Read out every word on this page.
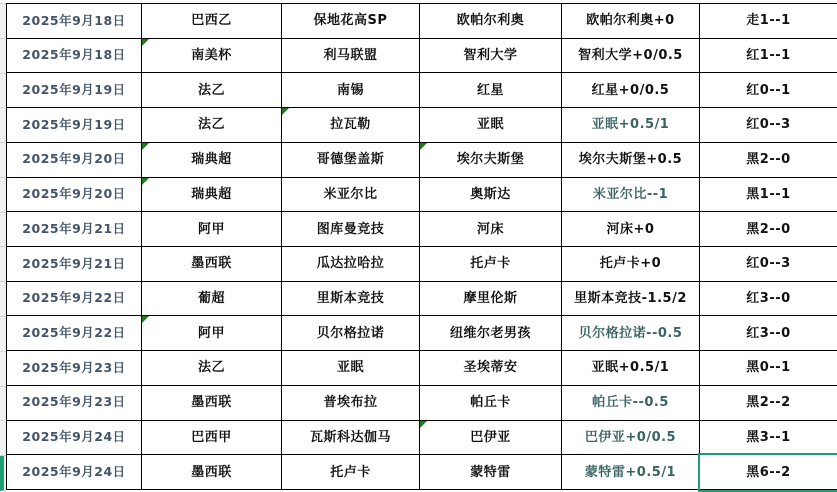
2025年9月18日	巴西乙	保地花高SP	欧帕尔利奥	欧帕尔利奥+0	走1--1
2025年9月18日	南美杯	利马联盟	智利大学	智利大学+0/0.5	红1--1
2025年9月19日	法乙	南锡	红星	红星+0/0.5	红0--1
2025年9月19日	法乙	拉瓦勒	亚眠	亚眠+0.5/1	红0--3
2025年9月20日	瑞典超	哥德堡盖斯	埃尔夫斯堡	埃尔夫斯堡+0.5	黑2--0
2025年9月20日	瑞典超	米亚尔比	奥斯达	米亚尔比--1	黑1--1
2025年9月21日	阿甲	图库曼竞技	河床	河床+0	黑2--0
2025年9月21日	墨西联	瓜达拉哈拉	托卢卡	托卢卡+0	红0--3
2025年9月22日	葡超	里斯本竞技	摩里伦斯	里斯本竞技-1.5/2	红3--0
2025年9月22日	阿甲	贝尔格拉诺	纽维尔老男孩	贝尔格拉诺--0.5	红3--0
2025年9月23日	法乙	亚眠	圣埃蒂安	亚眠+0.5/1	黑0--1
2025年9月23日	墨西联	普埃布拉	帕丘卡	帕丘卡--0.5	黑2--2
2025年9月24日	巴西甲	瓦斯科达伽马	巴伊亚	巴伊亚+0/0.5	黑3--1
2025年9月24日	墨西联	托卢卡	蒙特雷	蒙特雷+0.5/1	黑6--2
